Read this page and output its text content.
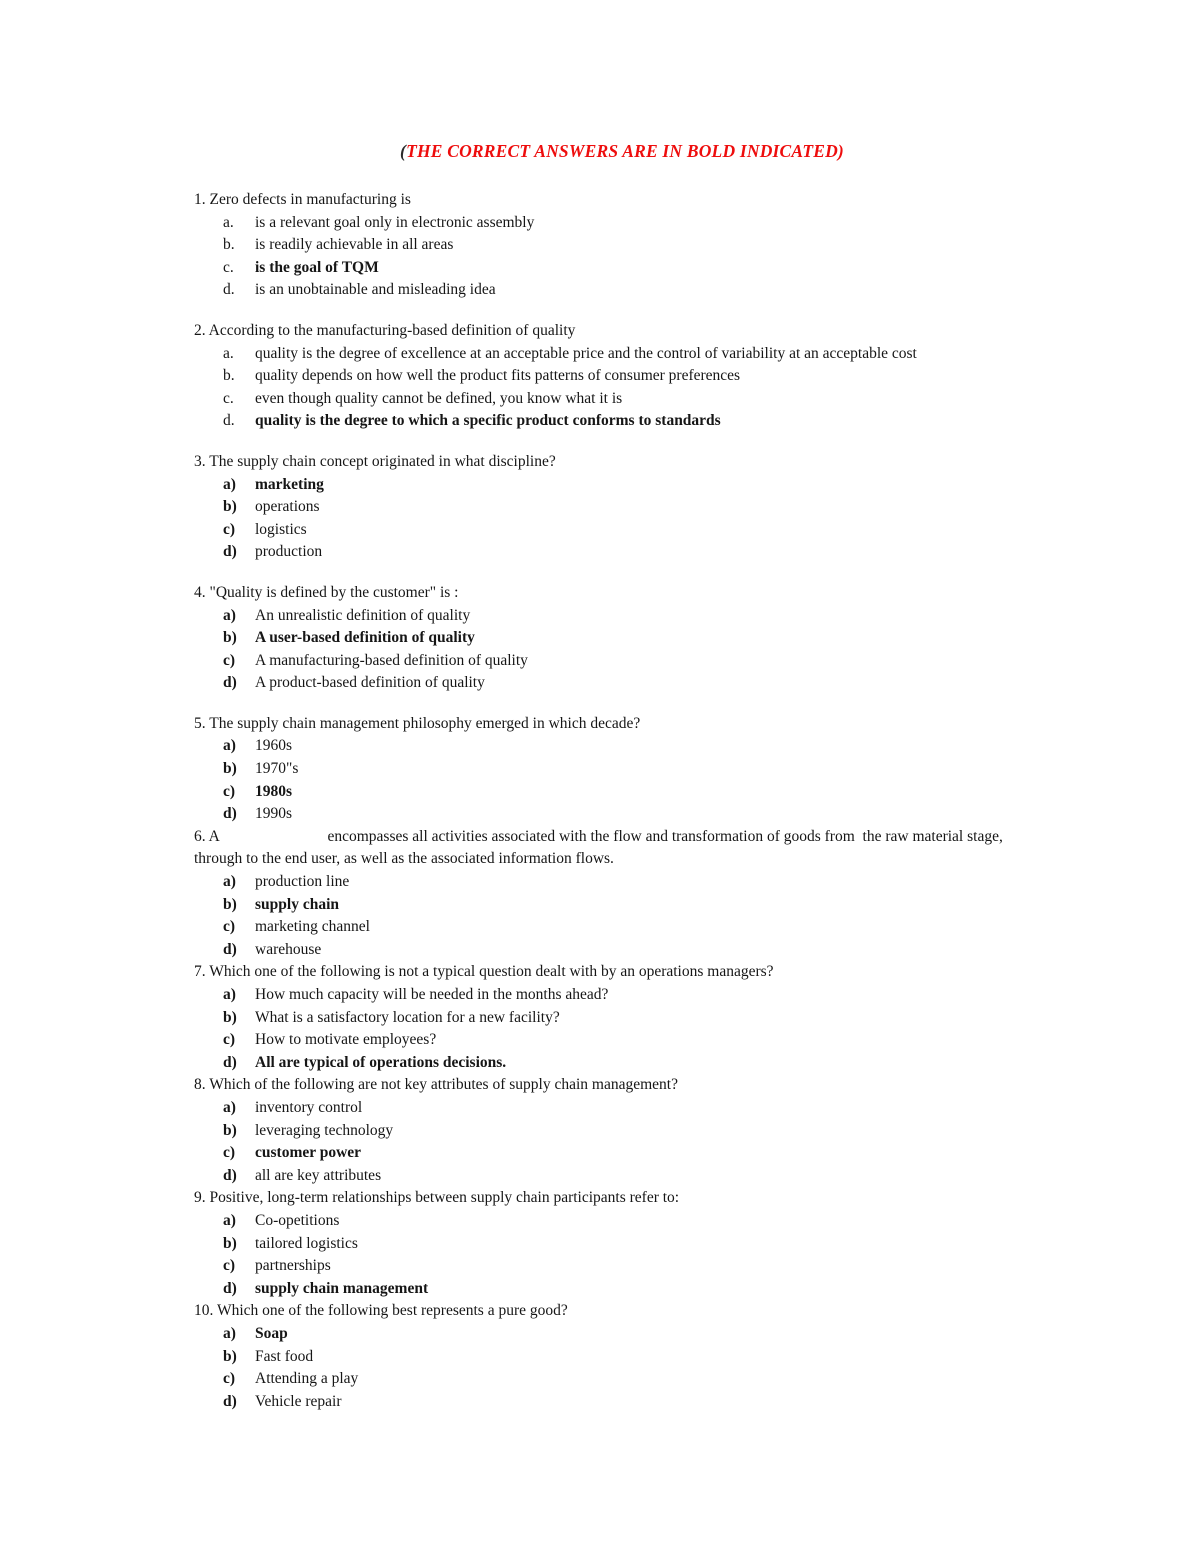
(THE CORRECT ANSWERS ARE IN BOLD INDICATED)
1. Zero defects in manufacturing is
a.	is a relevant goal only in electronic assembly
b.	is readily achievable in all areas
c.	is the goal of TQM
d.	is an unobtainable and misleading idea
2. According to the manufacturing-based definition of quality
a.	quality is the degree of excellence at an acceptable price and the control of variability at an acceptable cost
b.	quality depends on how well the product fits patterns of consumer preferences
c.	even though quality cannot be defined, you know what it is
d.	quality is the degree to which a specific product conforms to standards
3. The supply chain concept originated in what discipline?
a)	marketing
b)	operations
c)	logistics
d)	production
4. "Quality is defined by the customer" is :
a)	An unrealistic definition of quality
b)	A user-based definition of quality
c)	A manufacturing-based definition of quality
d)	A product-based definition of quality
5. The supply chain management philosophy emerged in which decade?
a)	1960s
b)	1970"s
c)	1980s
d)	1990s
6. A                            encompasses all activities associated with the flow and transformation of goods from  the raw material stage, through to the end user, as well as the associated information flows.
a)	production line
b)	supply chain
c)	marketing channel
d)	warehouse
7. Which one of the following is not a typical question dealt with by an operations managers?
a)	How much capacity will be needed in the months ahead?
b)	What is a satisfactory location for a new facility?
c)	How to motivate employees?
d)	All are typical of operations decisions.
8. Which of the following are not key attributes of supply chain management?
a)	inventory control
b)	leveraging technology
c)	customer power
d)	all are key attributes
9. Positive, long-term relationships between supply chain participants refer to:
a)	Co-opetitions
b)	tailored logistics
c)	partnerships
d)	supply chain management
10. Which one of the following best represents a pure good?
a)	Soap
b)	Fast food
c)	Attending a play
d)	Vehicle repair
